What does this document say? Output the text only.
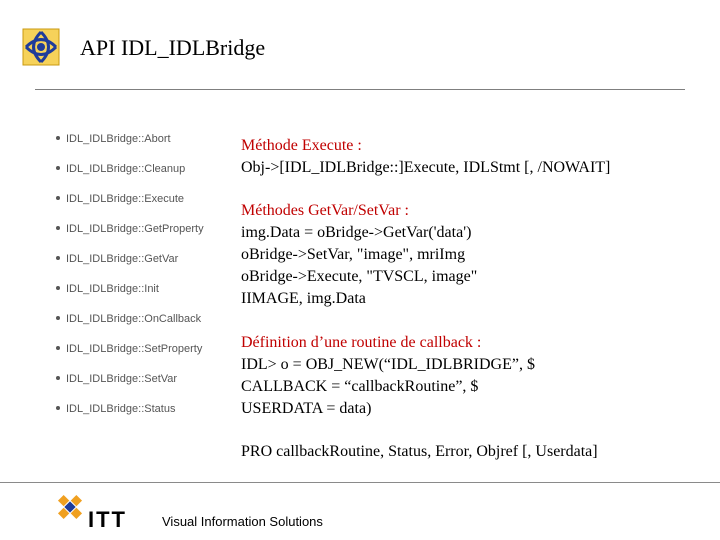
API IDL_IDLBridge
IDL_IDLBridge::Abort
IDL_IDLBridge::Cleanup
IDL_IDLBridge::Execute
IDL_IDLBridge::GetProperty
IDL_IDLBridge::GetVar
IDL_IDLBridge::Init
IDL_IDLBridge::OnCallback
IDL_IDLBridge::SetProperty
IDL_IDLBridge::SetVar
IDL_IDLBridge::Status

Méthode Execute :

Obj->[IDL_IDLBridge::]Execute, IDLStmt [, /NOWAIT]

Méthodes GetVar/SetVar :

img.Data = oBridge->GetVar('data')

oBridge->SetVar, "image", mriImg

oBridge->Execute, "TVSCL, image"

IIMAGE, img.Data

Définition d’une routine de callback :

IDL> o = OBJ_NEW(“IDL_IDLBRIDGE”, $

CALLBACK = “callbackRoutine”, $

USERDATA = data)

PRO callbackRoutine, Status, Error, Objref [, Userdata]

ITT	Visual Information Solutions
